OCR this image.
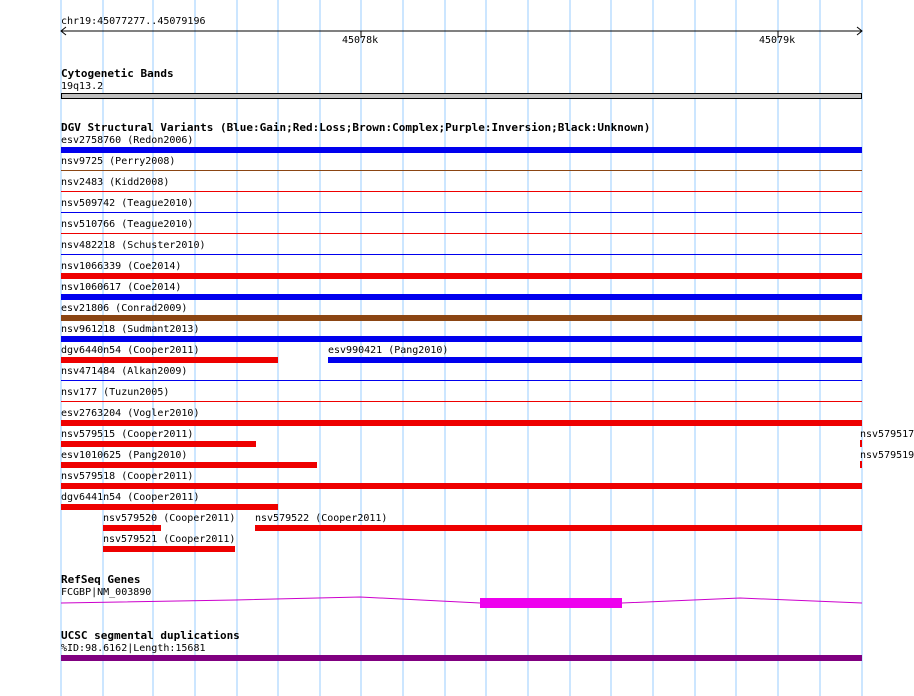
chr19:45077277..45079196
45078k	45079k
Cytogenetic Bands
19q13.2
DGV Structural Variants (Blue:Gain;Red:Loss;Brown:Complex;Purple:Inversion;Black:Unknown)
esv2758760 (Redon2006)
nsv9725 (Perry2008)
nsv2483 (Kidd2008)
nsv509742 (Teague2010)
nsv510766 (Teague2010)
nsv482218 (Schuster2010)
nsv1066339 (Coe2014)
nsv1060617 (Coe2014)
esv21806 (Conrad2009)
nsv961218 (Sudmant2013)
dgv6440n54 (Cooper2011)	esv990421 (Pang2010)
nsv471484 (Alkan2009)
nsv177 (Tuzun2005)
esv2763204 (Vogler2010)
nsv579515 (Cooper2011)	nsv579517
esv1010625 (Pang2010)	nsv579519
nsv579518 (Cooper2011)
dgv6441n54 (Cooper2011)
nsv579520 (Cooper2011) nsv579522 (Cooper2011)
nsv579521 (Cooper2011)
RefSeq Genes
FCGBP|NM_003890
UCSC segmental duplications
%ID:98.6162|Length:15681
